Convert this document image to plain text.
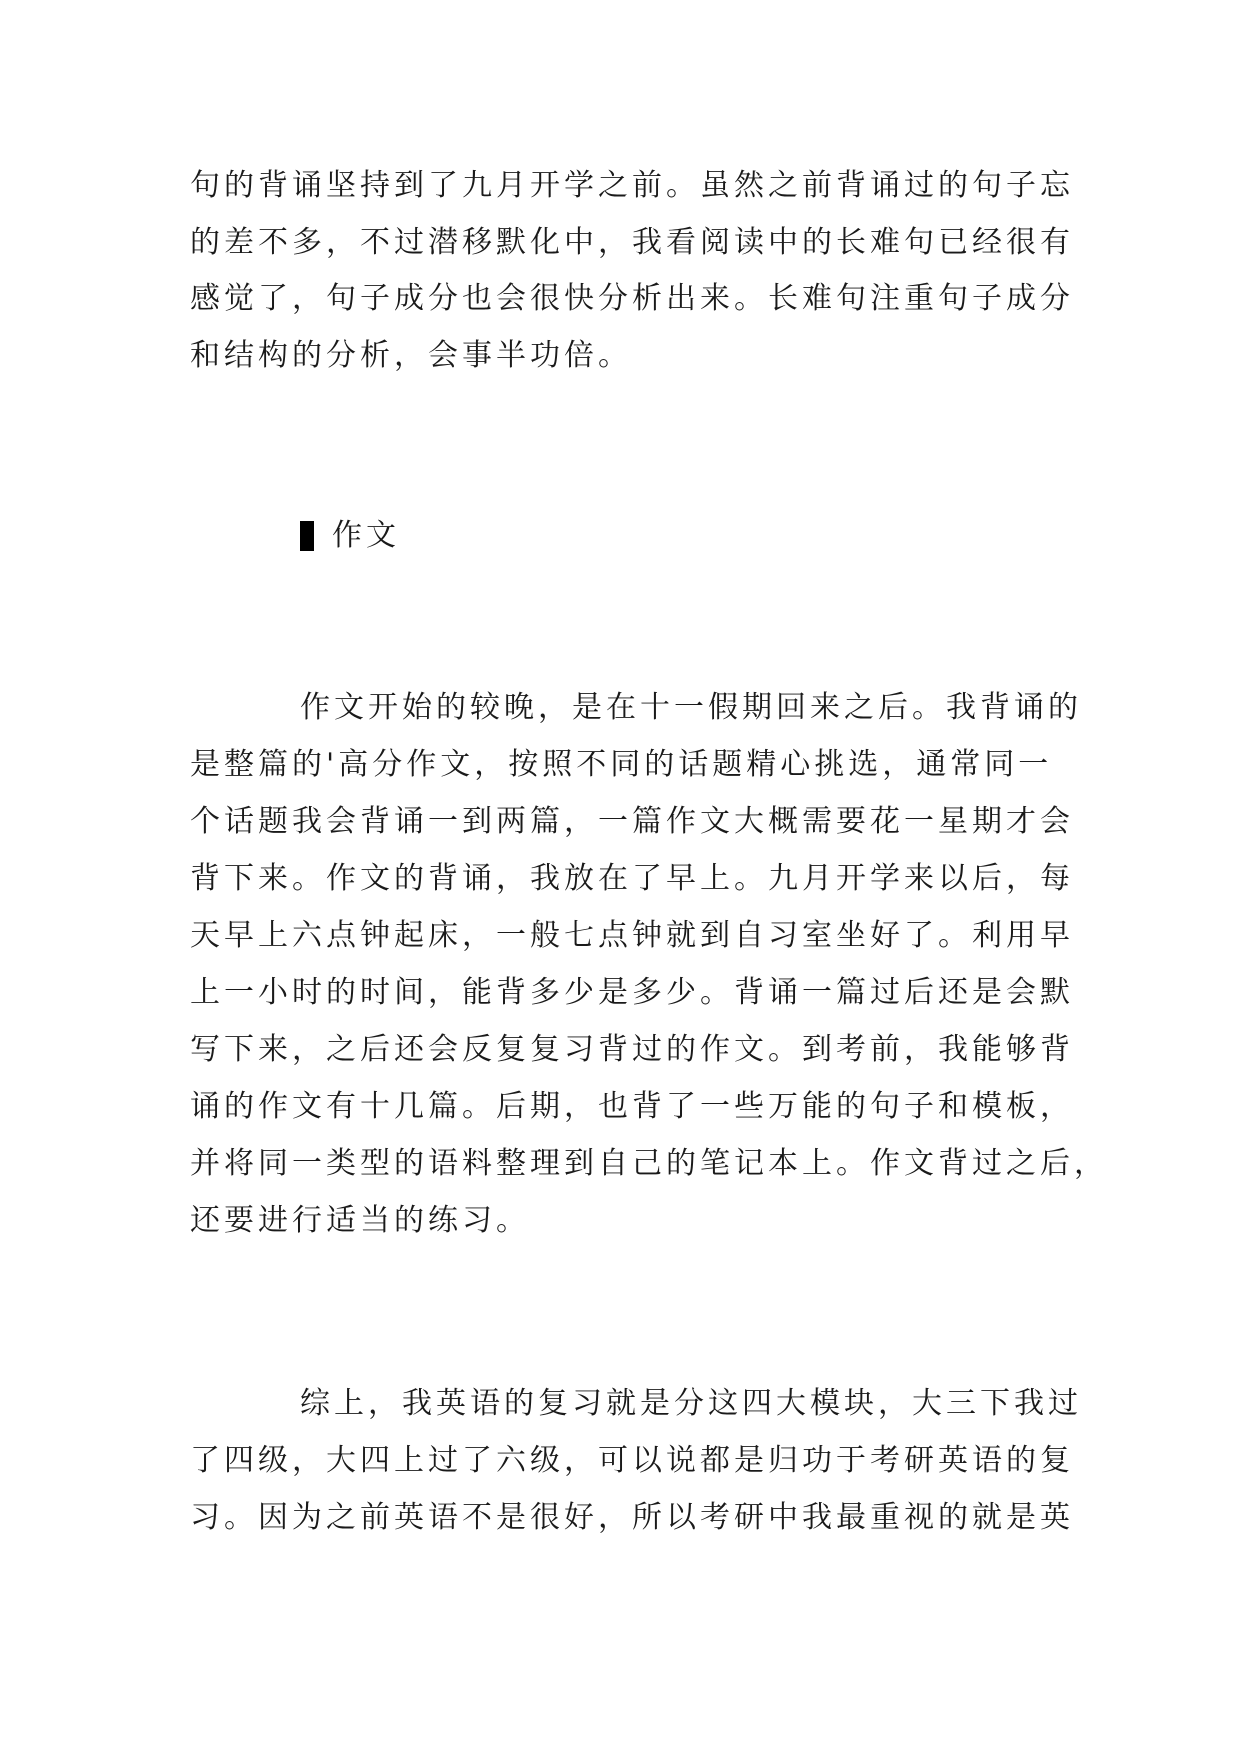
句的背诵坚持到了九月开学之前。虽然之前背诵过的句子忘
的差不多，不过潜移默化中，我看阅读中的长难句已经很有
感觉了，句子成分也会很快分析出来。长难句注重句子成分
和结构的分析，会事半功倍。
作文
作文开始的较晚，是在十一假期回来之后。我背诵的
是整篇的'高分作文，按照不同的话题精心挑选，通常同一
个话题我会背诵一到两篇，一篇作文大概需要花一星期才会
背下来。作文的背诵，我放在了早上。九月开学来以后，每
天早上六点钟起床，一般七点钟就到自习室坐好了。利用早
上一小时的时间，能背多少是多少。背诵一篇过后还是会默
写下来，之后还会反复复习背过的作文。到考前，我能够背
诵的作文有十几篇。后期，也背了一些万能的句子和模板，
并将同一类型的语料整理到自己的笔记本上。作文背过之后，
还要进行适当的练习。
综上，我英语的复习就是分这四大模块，大三下我过
了四级，大四上过了六级，可以说都是归功于考研英语的复
习。因为之前英语不是很好，所以考研中我最重视的就是英
